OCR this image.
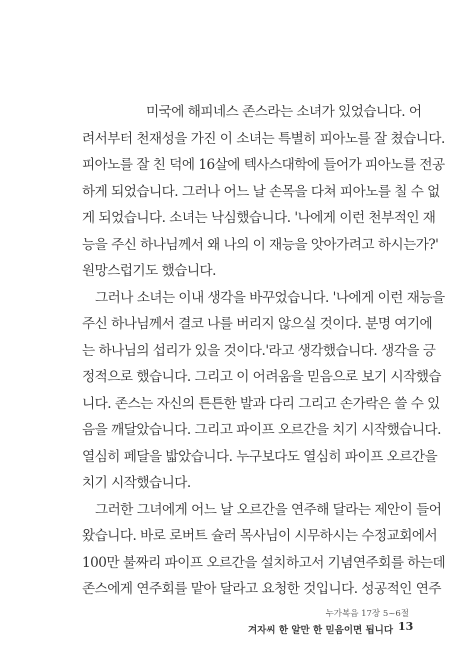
미국에 해피네스 존스라는 소녀가 있었습니다. 어
려서부터 천재성을 가진 이 소녀는 특별히 피아노를 잘 쳤습니다.
피아노를 잘 친 덕에 16살에 텍사스대학에 들어가 피아노를 전공
하게 되었습니다. 그러나 어느 날 손목을 다쳐 피아노를 칠 수 없
게 되었습니다. 소녀는 낙심했습니다. '나에게 이런 천부적인 재
능을 주신 하나님께서 왜 나의 이 재능을 앗아가려고 하시는가?'
원망스럽기도 했습니다.
그러나 소녀는 이내 생각을 바꾸었습니다. '나에게 이런 재능을
주신 하나님께서 결코 나를 버리지 않으실 것이다. 분명 여기에
는 하나님의 섭리가 있을 것이다.'라고 생각했습니다. 생각을 긍
정적으로 했습니다. 그리고 이 어려움을 믿음으로 보기 시작했습
니다. 존스는 자신의 튼튼한 발과 다리 그리고 손가락은 쓸 수 있
음을 깨달았습니다. 그리고 파이프 오르간을 치기 시작했습니다.
열심히 페달을 밟았습니다. 누구보다도 열심히 파이프 오르간을
치기 시작했습니다.
그러한 그녀에게 어느 날 오르간을 연주해 달라는 제안이 들어
왔습니다. 바로 로버트 슐러 목사님이 시무하시는 수정교회에서
100만 불짜리 파이프 오르간을 설치하고서 기념연주회를 하는데
존스에게 연주회를 맡아 달라고 요청한 것입니다. 성공적인 연주
누가복음 17장 5~6절
겨자씨 한 알만 한 믿음이면 됩니다 13
